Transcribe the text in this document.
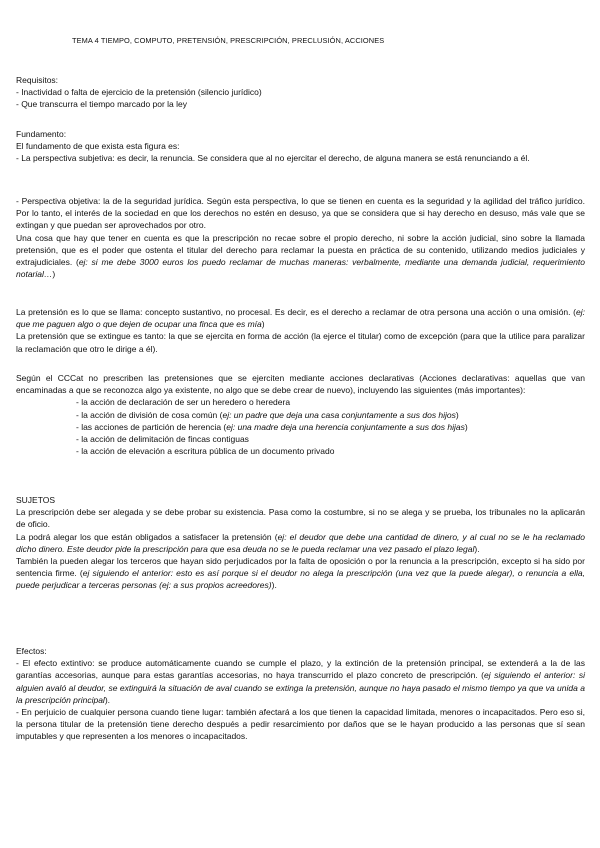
TEMA 4 TIEMPO, COMPUTO, PRETENSIÓN, PRESCRIPCIÓN, PRECLUSIÓN, ACCIONES

Requisitos:

- Inactividad o falta de ejercicio de la pretensión (silencio jurídico)

- Que transcurra el tiempo marcado por la ley

Fundamento:

El fundamento de que exista esta figura es:

- La perspectiva subjetiva: es decir, la renuncia. Se considera que al no ejercitar el derecho, de alguna manera se está renunciando a él.

- Perspectiva objetiva: la de la seguridad jurídica. Según esta perspectiva, lo que se tienen en cuenta es la seguridad y la agilidad del tráfico jurídico. Por lo tanto, el interés de la sociedad en que los derechos no estén en desuso, ya que se considera que si hay derecho en desuso, más vale que se extingan y que puedan ser aprovechados por otro.

Una cosa que hay que tener en cuenta es que la prescripción no recae sobre el propio derecho, ni sobre la acción judicial, sino sobre la llamada pretensión, que es el poder que ostenta el titular del derecho para reclamar la puesta en práctica de su contenido, utilizando medios judiciales y extrajudiciales. (ej: si me debe 3000 euros los puedo reclamar de muchas maneras: verbalmente, mediante una demanda judicial, requerimiento notarial…)

La pretensión es lo que se llama: concepto sustantivo, no procesal. Es decir, es el derecho a reclamar de otra persona una acción o una omisión. (ej: que me paguen algo o que dejen de ocupar una finca que es mía)

La pretensión que se extingue es tanto: la que se ejercita en forma de acción (la ejerce el titular) como de excepción (para que la utilice para paralizar la reclamación que otro le dirige a él).

Según el CCCat no prescriben las pretensiones que se ejerciten mediante acciones declarativas (Acciones declarativas: aquellas que van encaminadas a que se reconozca algo ya existente, no algo que se debe crear de nuevo), incluyendo las siguientes (más importantes):

- la acción de declaración de ser un heredero o heredera

- la acción de división de cosa común (ej: un padre que deja una casa conjuntamente a sus dos hijos)

- las acciones de partición de herencia (ej: una madre deja una herencia conjuntamente a sus dos hijas)

- la acción de delimitación de fincas contiguas

- la acción de elevación a escritura pública de un documento privado

SUJETOS

La prescripción debe ser alegada y se debe probar su existencia. Pasa como la costumbre, si no se alega y se prueba, los tribunales no la aplicarán de oficio.

La podrá alegar los que están obligados a satisfacer la pretensión (ej: el deudor que debe una cantidad de dinero, y al cual no se le ha reclamado dicho dinero. Este deudor pide la prescripción para que esa deuda no se le pueda reclamar una vez pasado el plazo legal).

También la pueden alegar los terceros que hayan sido perjudicados por la falta de oposición o por la renuncia a la prescripción, excepto si ha sido por sentencia firme. (ej siguiendo el anterior: esto es así porque si el deudor no alega la prescripción (una vez que la puede alegar), o renuncia a ella, puede perjudicar a terceras personas (ej: a sus propios acreedores)).

Efectos:

- El efecto extintivo: se produce automáticamente cuando se cumple el plazo, y la extinción de la pretensión principal, se extenderá a la de las garantías accesorias, aunque para estas garantías accesorias, no haya transcurrido el plazo concreto de prescripción. (ej siguiendo el anterior: si alguien avaló al deudor, se extinguirá la situación de aval cuando se extinga la pretensión, aunque no haya pasado el mismo tiempo ya que va unida a la prescripción principal).

- En perjuicio de cualquier persona cuando tiene lugar: también afectará a los que tienen la capacidad limitada, menores o incapacitados. Pero eso si, la persona titular de la pretensión tiene derecho después a pedir resarcimiento por daños que se le hayan producido a las personas que sí sean imputables y que representen a los menores o incapacitados.
